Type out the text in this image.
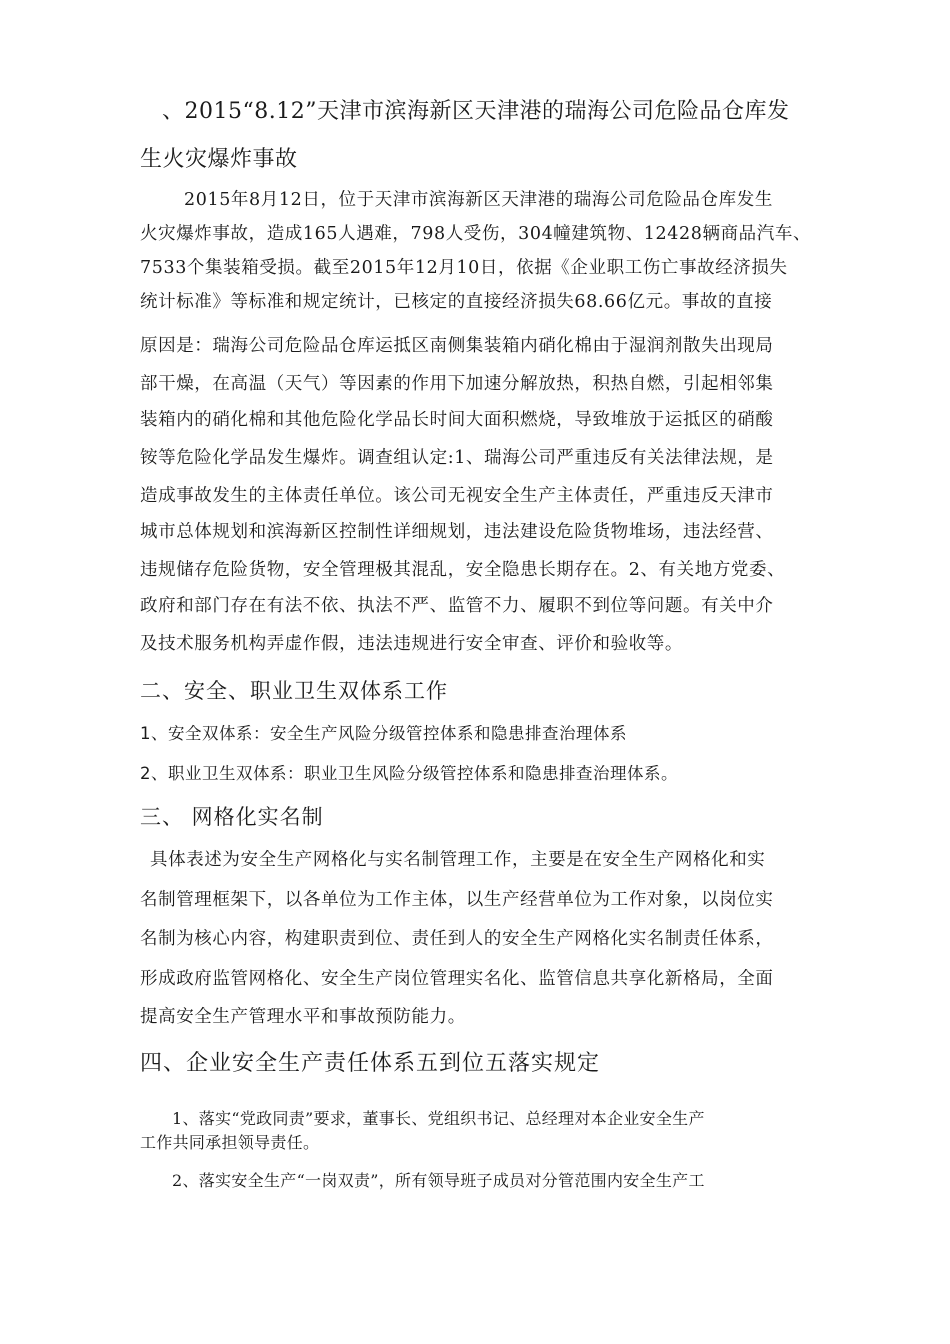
、2015“8.12”天津市滨海新区天津港的瑞海公司危险品仓库发
生火灾爆炸事故
2015年8月12日，位于天津市滨海新区天津港的瑞海公司危险品仓库发生
火灾爆炸事故，造成165人遇难，798人受伤，304幢建筑物、12428辆商品汽车、
7533个集装箱受损。截至2015年12月10日，依据《企业职工伤亡事故经济损失
统计标准》等标准和规定统计，已核定的直接经济损失68.66亿元。事故的直接
原因是：瑞海公司危险品仓库运抵区南侧集装箱内硝化棉由于湿润剂散失出现局
部干燥，在高温（天气）等因素的作用下加速分解放热，积热自燃，引起相邻集
装箱内的硝化棉和其他危险化学品长时间大面积燃烧，导致堆放于运抵区的硝酸
铵等危险化学品发生爆炸。调查组认定:1、瑞海公司严重违反有关法律法规，是
造成事故发生的主体责任单位。该公司无视安全生产主体责任，严重违反天津市
城市总体规划和滨海新区控制性详细规划，违法建设危险货物堆场，违法经营、
违规储存危险货物，安全管理极其混乱，安全隐患长期存在。2、有关地方党委、
政府和部门存在有法不依、执法不严、监管不力、履职不到位等问题。有关中介
及技术服务机构弄虚作假，违法违规进行安全审查、评价和验收等。
二、安全、职业卫生双体系工作
1、安全双体系：安全生产风险分级管控体系和隐患排查治理体系
2、职业卫生双体系：职业卫生风险分级管控体系和隐患排查治理体系。
三、 网格化实名制
具体表述为安全生产网格化与实名制管理工作，主要是在安全生产网格化和实
名制管理框架下，以各单位为工作主体，以生产经营单位为工作对象，以岗位实
名制为核心内容，构建职责到位、责任到人的安全生产网格化实名制责任体系，
形成政府监管网格化、安全生产岗位管理实名化、监管信息共享化新格局，全面
提高安全生产管理水平和事故预防能力。
四、企业安全生产责任体系五到位五落实规定
1、落实“党政同责”要求，董事长、党组织书记、总经理对本企业安全生产
工作共同承担领导责任。
2、落实安全生产“一岗双责”，所有领导班子成员对分管范围内安全生产工
